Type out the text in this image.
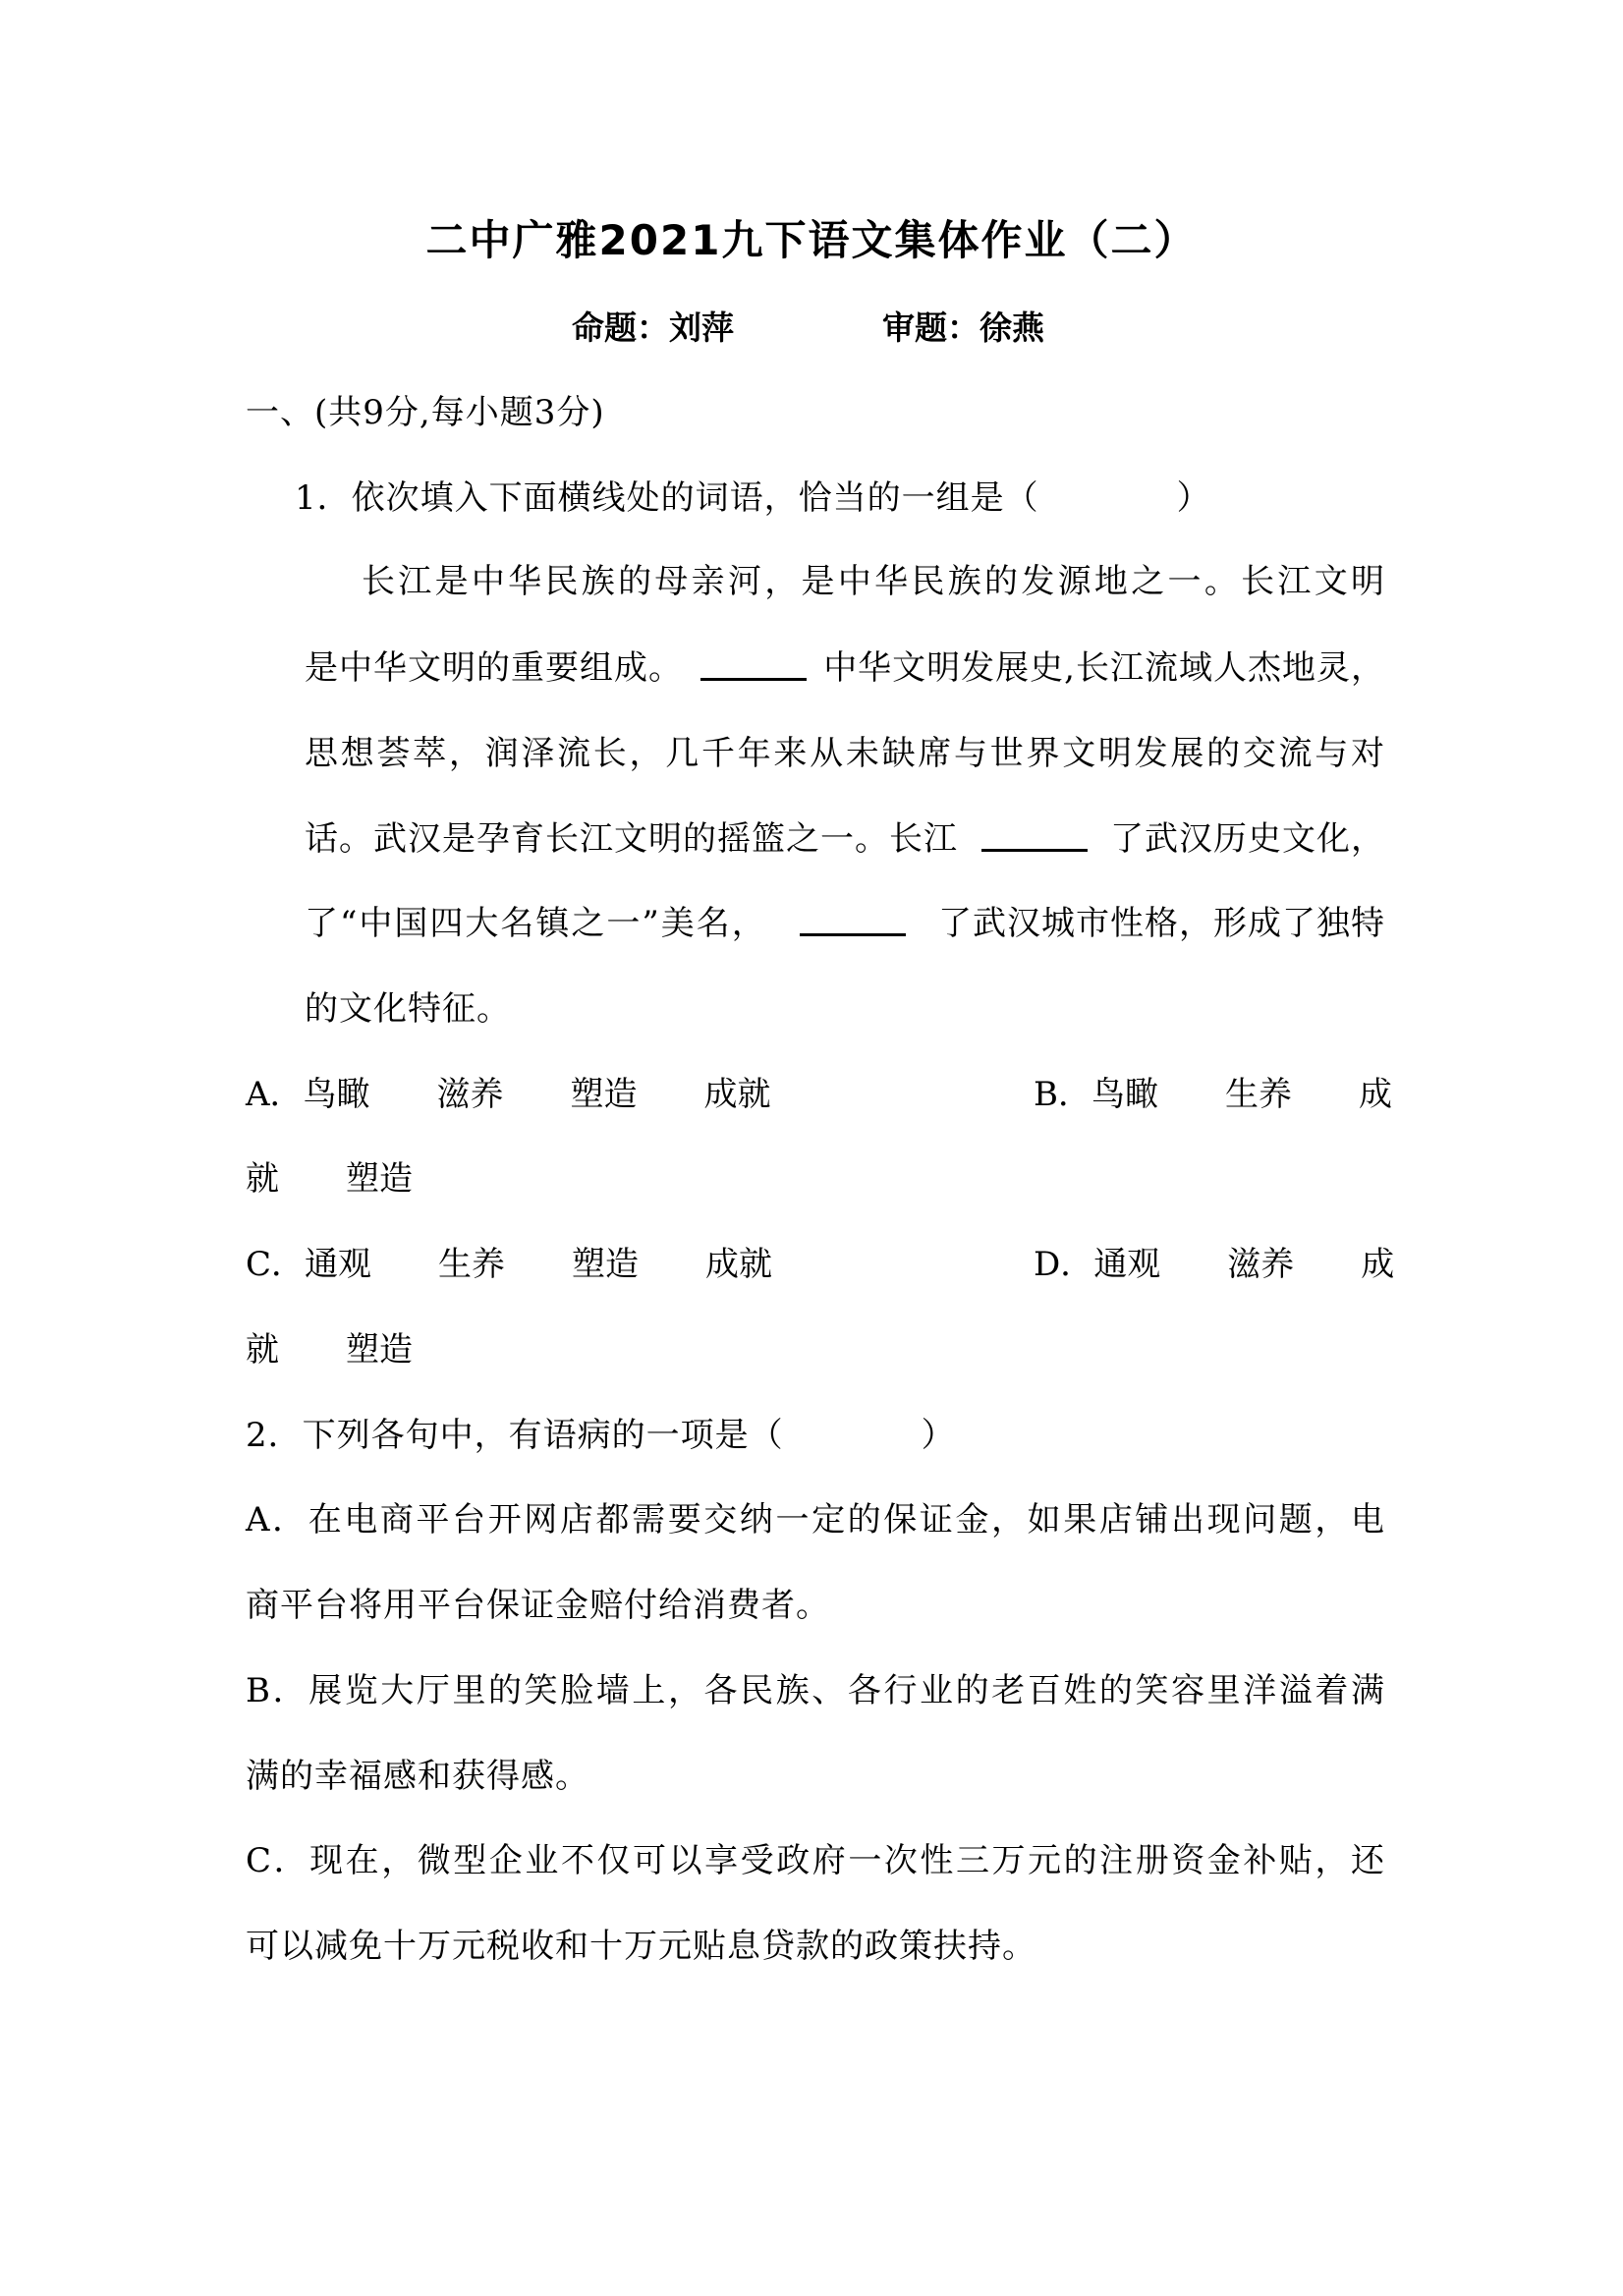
二中广雅2021九下语文集体作业（二）
命题：刘萍	审题：徐燕
一、(共9分,每小题3分)
1．依次填入下面横线处的词语，恰当的一组是（　　　　）
长江是中华民族的母亲河，是中华民族的发源地之一。长江文明
是中华文明的重要组成。	中华文明发展史,长江流域人杰地灵，
思想荟萃，润泽流长，几千年来从未缺席与世界文明发展的交流与对
话。武汉是孕育长江文明的摇篮之一。长江	了武汉历史文化，
了“中国四大名镇之一”美名，	了武汉城市性格，形成了独特
的文化特征。
A．鸟瞰　　滋养　　塑造　　成就	B．鸟瞰　　生养　　成
就　　塑造
C．通观　　生养　　塑造　　成就	D．通观　　滋养　　成
就　　塑造
2．下列各句中，有语病的一项是（　　　　）
A．在电商平台开网店都需要交纳一定的保证金，如果店铺出现问题，电
商平台将用平台保证金赔付给消费者。
B．展览大厅里的笑脸墙上，各民族、各行业的老百姓的笑容里洋溢着满
满的幸福感和获得感。
C．现在，微型企业不仅可以享受政府一次性三万元的注册资金补贴，还
可以减免十万元税收和十万元贴息贷款的政策扶持。
